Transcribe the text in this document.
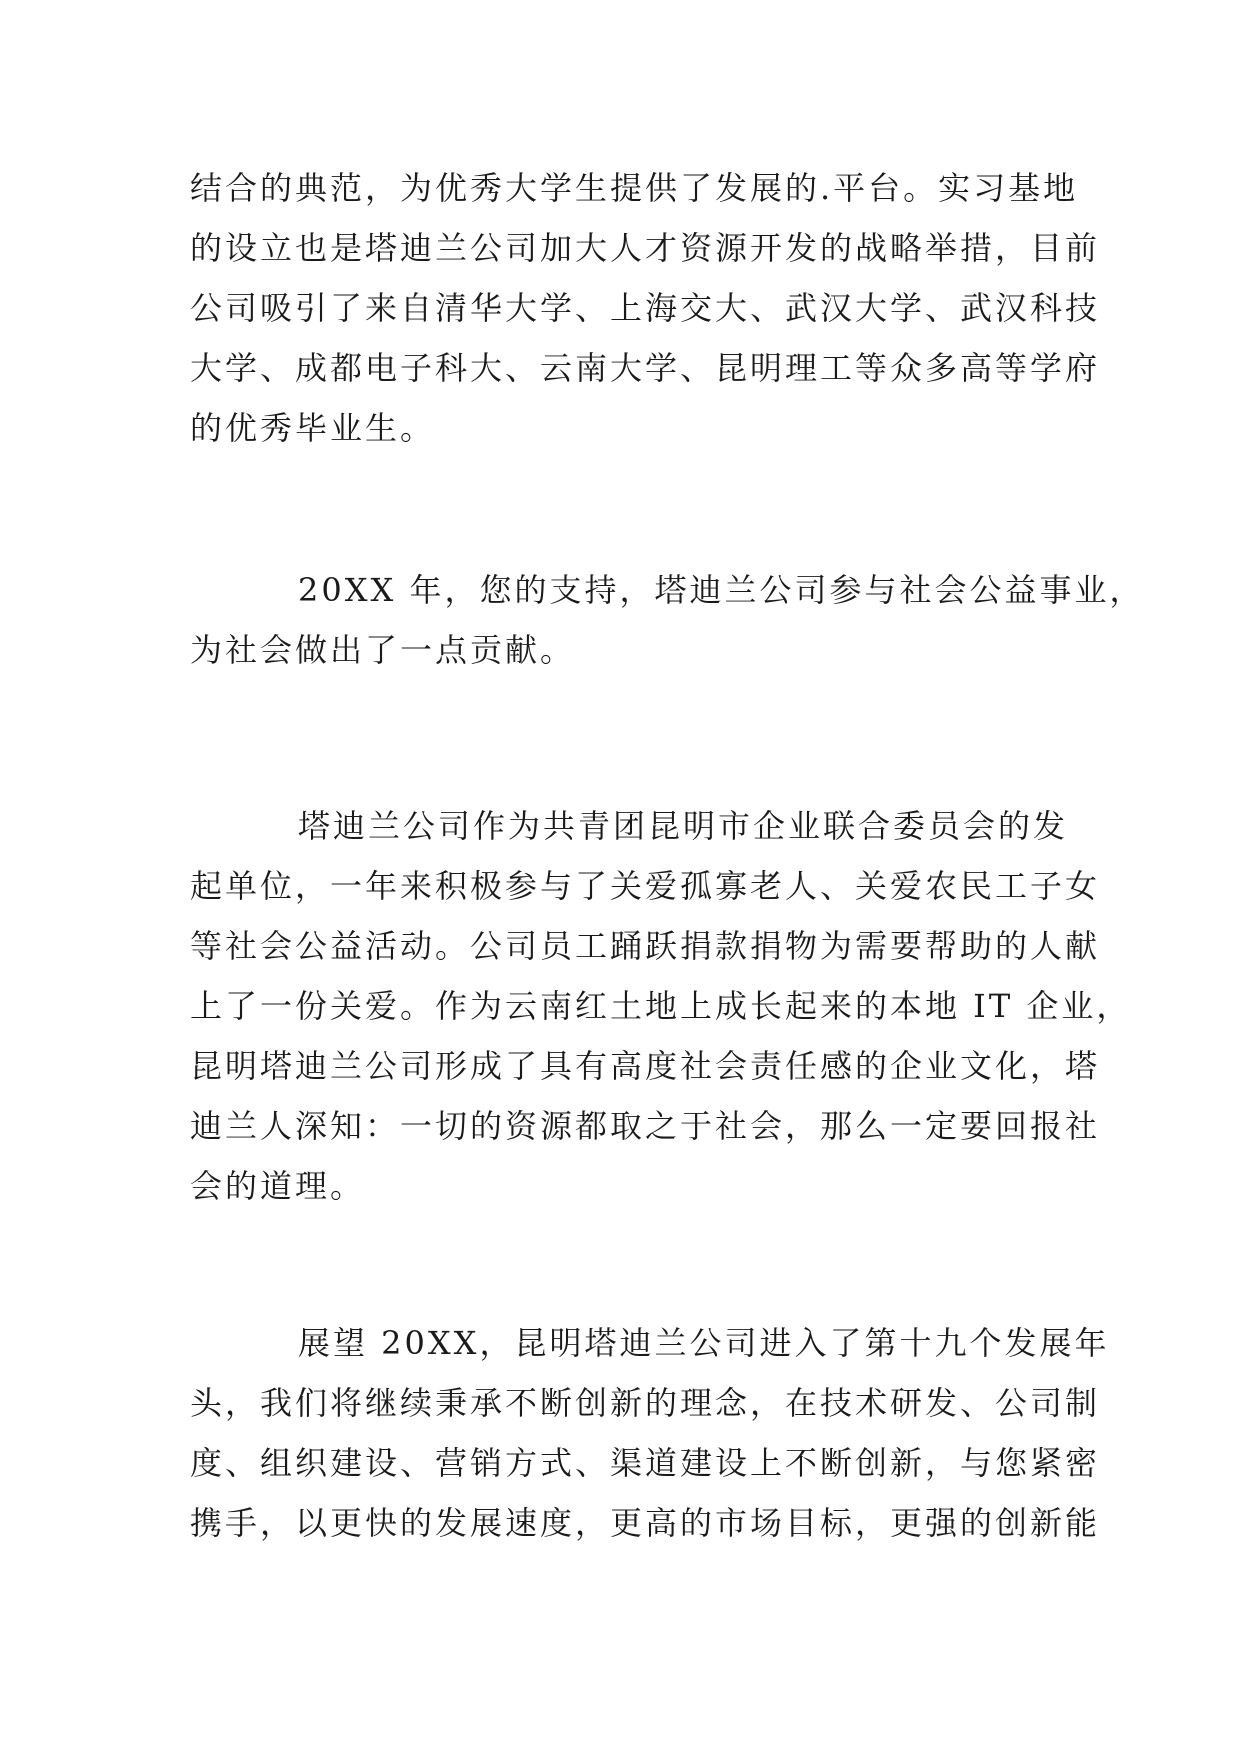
结合的典范，为优秀大学生提供了发展的.平台。实习基地
的设立也是塔迪兰公司加大人才资源开发的战略举措，目前
公司吸引了来自清华大学、上海交大、武汉大学、武汉科技
大学、成都电子科大、云南大学、昆明理工等众多高等学府
的优秀毕业生。
20XX 年，您的支持，塔迪兰公司参与社会公益事业，
为社会做出了一点贡献。
塔迪兰公司作为共青团昆明市企业联合委员会的发
起单位，一年来积极参与了关爱孤寡老人、关爱农民工子女
等社会公益活动。公司员工踊跃捐款捐物为需要帮助的人献
上了一份关爱。作为云南红土地上成长起来的本地 IT 企业，
昆明塔迪兰公司形成了具有高度社会责任感的企业文化，塔
迪兰人深知：一切的资源都取之于社会，那么一定要回报社
会的道理。
展望 20XX，昆明塔迪兰公司进入了第十九个发展年
头，我们将继续秉承不断创新的理念，在技术研发、公司制
度、组织建设、营销方式、渠道建设上不断创新，与您紧密
携手，以更快的发展速度，更高的市场目标，更强的创新能
